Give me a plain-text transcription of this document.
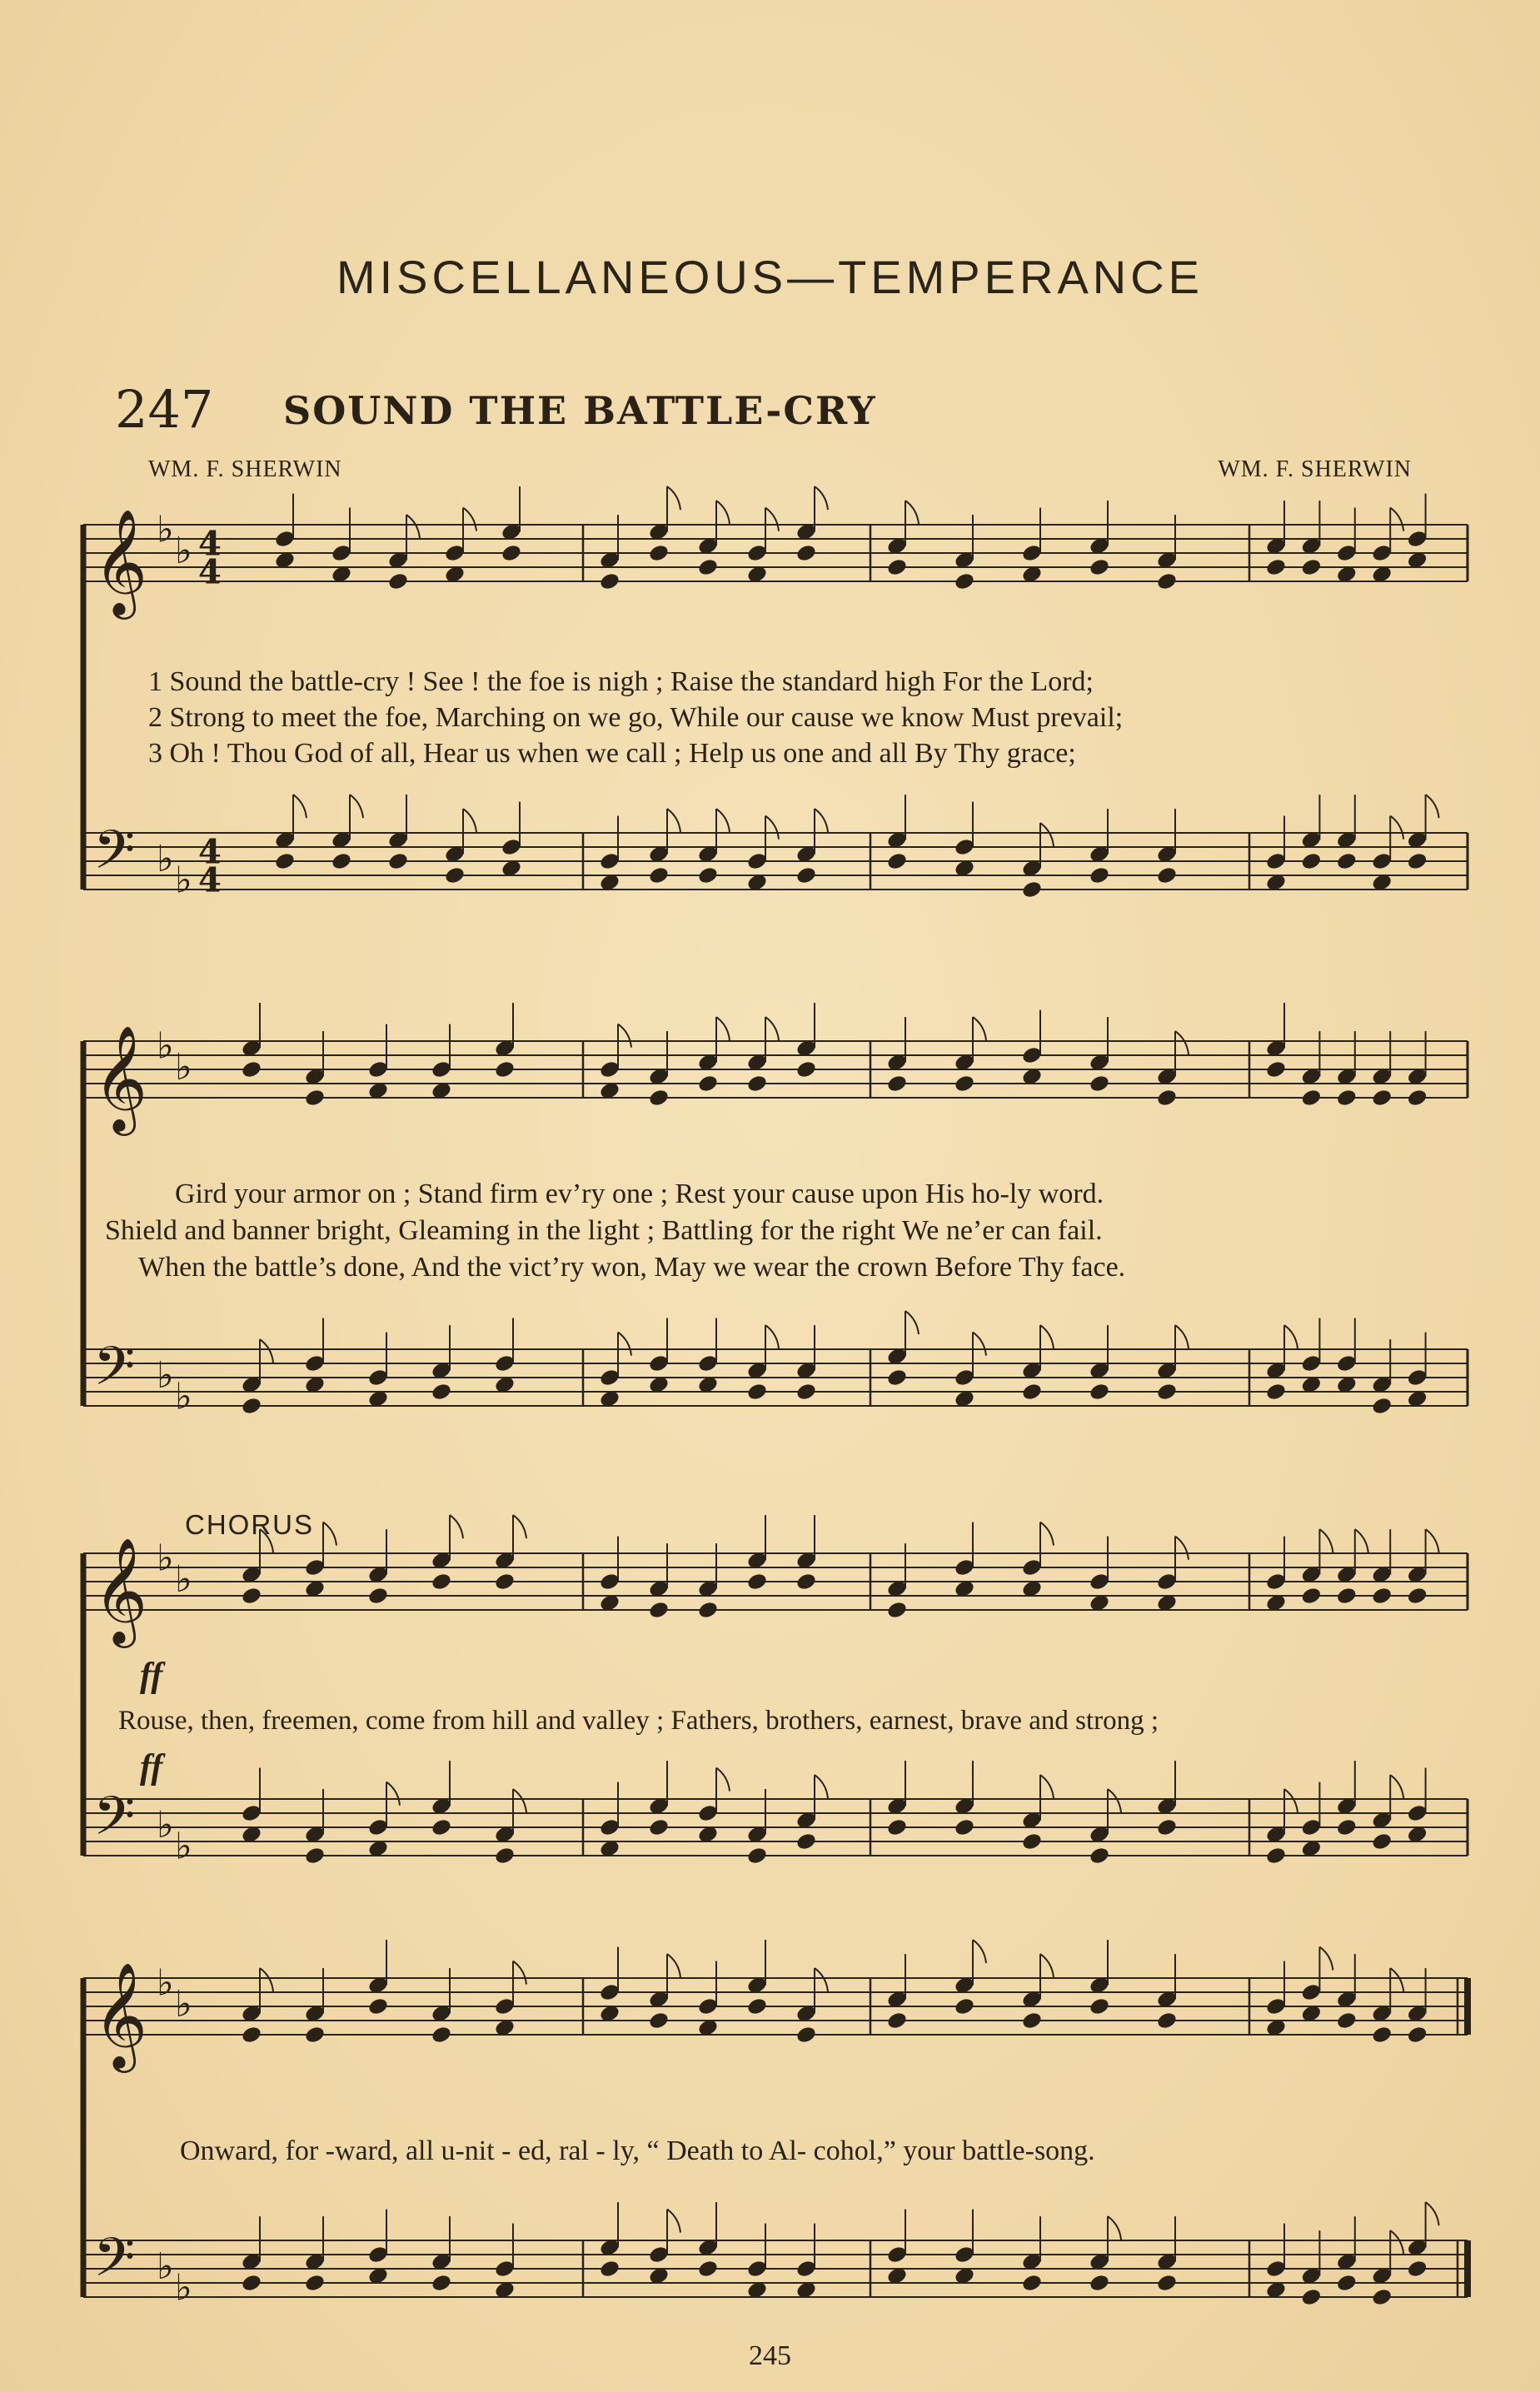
MISCELLANEOUS—TEMPERANCE
247 SOUND THE BATTLE-CRY
WM. F. SHERWIN	WM. F. SHERWIN
𝄞 ♭ ♭ 4
4
𝄢 ♭ ♭
4
4
𝄞 ♭ ♭
𝄢 ♭ ♭
𝄞 ♭ ♭
𝄢 ♭ ♭
𝄞 ♭ ♭
𝄢 ♭ ♭
1 Sound the battle-cry ! See ! the foe is nigh ; Raise the standard high For the Lord;
2 Strong to meet the foe, Marching on we go, While our cause we know Must prevail;
3 Oh ! Thou God of all, Hear us when we call ; Help us one and all By Thy grace;
Gird your armor on ; Stand firm ev’ry one ; Rest your cause upon His ho-ly word.
Shield and banner bright, Gleaming in the light ; Battling for the right We ne’er can fail.
When the battle’s done, And the vict’ry won, May we wear the crown Before Thy face.
CHORUS
ff
ff
Rouse, then, freemen, come from hill and valley ; Fathers, brothers, earnest, brave and strong ;
Onward, for -ward, all u-nit - ed, ral - ly, “ Death to Al- cohol,” your battle-song.
245
